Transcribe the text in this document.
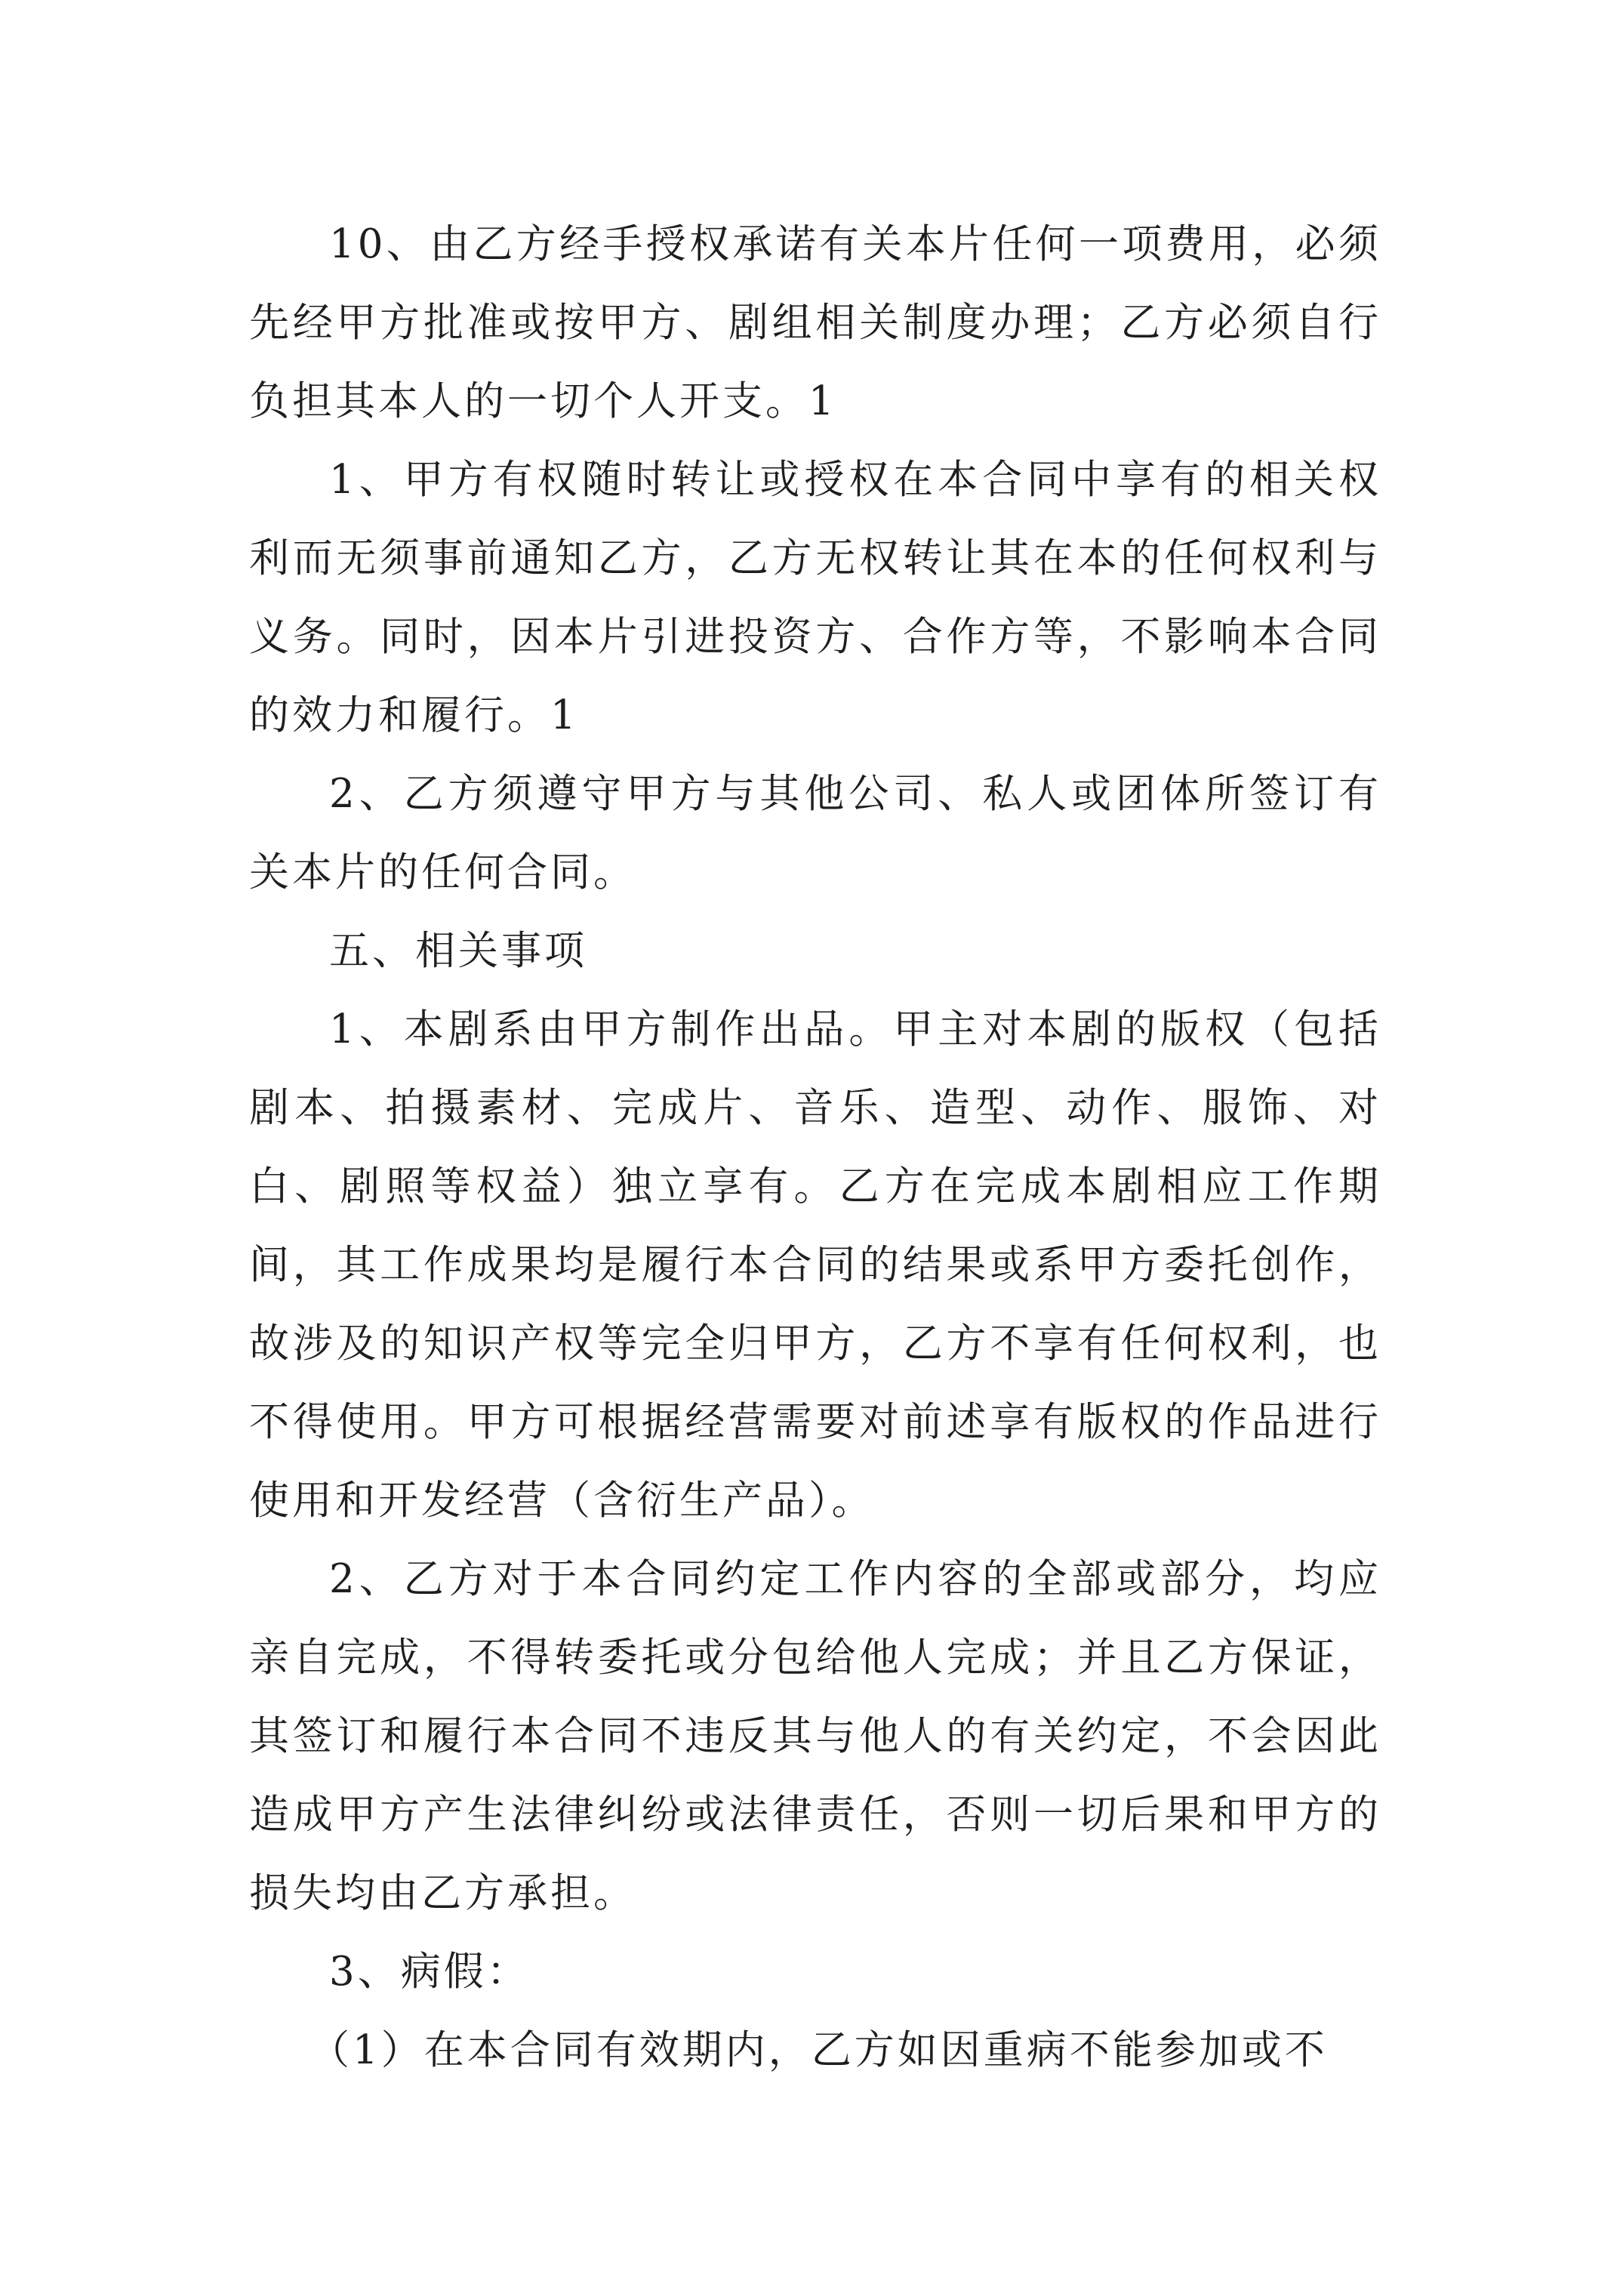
10、由乙方经手授权承诺有关本片任何一项费用，必须先经甲方批准或按甲方、剧组相关制度办理；乙方必须自行负担其本人的一切个人开支。1

1、甲方有权随时转让或授权在本合同中享有的相关权利而无须事前通知乙方，乙方无权转让其在本的任何权利与义务。同时，因本片引进投资方、合作方等，不影响本合同的效力和履行。1

2、乙方须遵守甲方与其他公司、私人或团体所签订有关本片的任何合同。

五、相关事项

1、本剧系由甲方制作出品。甲主对本剧的版权（包括剧本、拍摄素材、完成片、音乐、造型、动作、服饰、对白、剧照等权益）独立享有。乙方在完成本剧相应工作期间，其工作成果均是履行本合同的结果或系甲方委托创作，故涉及的知识产权等完全归甲方，乙方不享有任何权利，也不得使用。甲方可根据经营需要对前述享有版权的作品进行使用和开发经营（含衍生产品）。

2、乙方对于本合同约定工作内容的全部或部分，均应亲自完成，不得转委托或分包给他人完成；并且乙方保证，其签订和履行本合同不违反其与他人的有关约定，不会因此造成甲方产生法律纠纷或法律责任，否则一切后果和甲方的损失均由乙方承担。

3、病假：

（1）在本合同有效期内，乙方如因重病不能参加或不
